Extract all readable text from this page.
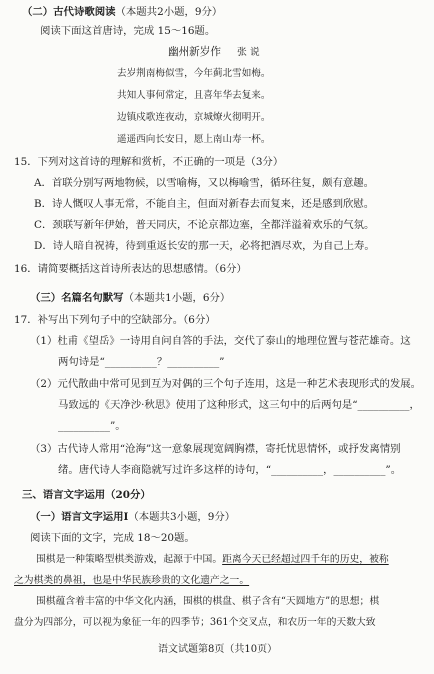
（二）古代诗歌阅读（本题共2小题，9分）
阅读下面这首唐诗，完成 15～16题。
幽州新岁作 张 说
去岁荆南梅似雪，今年蓟北雪如梅。
共知人事何常定，且喜年华去复来。
边镇戍歌连夜动，京城燎火彻明开。
遥遥西向长安日，愿上南山寿一杯。
15．下列对这首诗的理解和赏析，不正确的一项是（3分）
A．首联分别写两地物候，以雪喻梅，又以梅喻雪，循环往复，颇有意趣。
B．诗人慨叹人事无常，不能自主，但面对新春去而复来，还是感到欣慰。
C．颈联写新年伊始，普天同庆，不论京都边塞，全都洋溢着欢乐的气氛。
D．诗人暗自祝祷，待到重返长安的那一天，必将把酒尽欢，为自己上寿。
16．请简要概括这首诗所表达的思想感情。（6分）
（三）名篇名句默写（本题共1小题，6分）
17．补写出下列句子中的空缺部分。（6分）
（1）杜甫《望岳》一诗用自问自答的手法，交代了泰山的地理位置与苍茫雄奇。这
两句诗是“__________？__________”
（2）元代散曲中常可见到互为对偶的三个句子连用，这是一种艺术表现形式的发展。
马致远的《天净沙·秋思》使用了这种形式，这三句中的后两句是“__________，
__________”。
（3）古代诗人常用“沧海”这一意象展现宽阔胸襟，寄托忧思情怀，或抒发离情别
绪。唐代诗人李商隐就写过许多这样的诗句，“__________，__________”。
三、语言文字运用（20分）
（一）语言文字运用Ⅰ（本题共3小题，9分）
阅读下面的文字，完成 18～20题。
围棋是一种策略型棋类游戏，起源于中国。距离今天已经超过四千年的历史，被称
之为棋类的鼻祖，也是中华民族珍贵的文化遗产之一。
围棋蕴含着丰富的中华文化内涵，围棋的棋盘、棋子含有“天圆地方”的思想；棋
盘分为四部分，可以视为象征一年的四季节；361个交叉点，和农历一年的天数大致
语文试题第8页（共10页）
